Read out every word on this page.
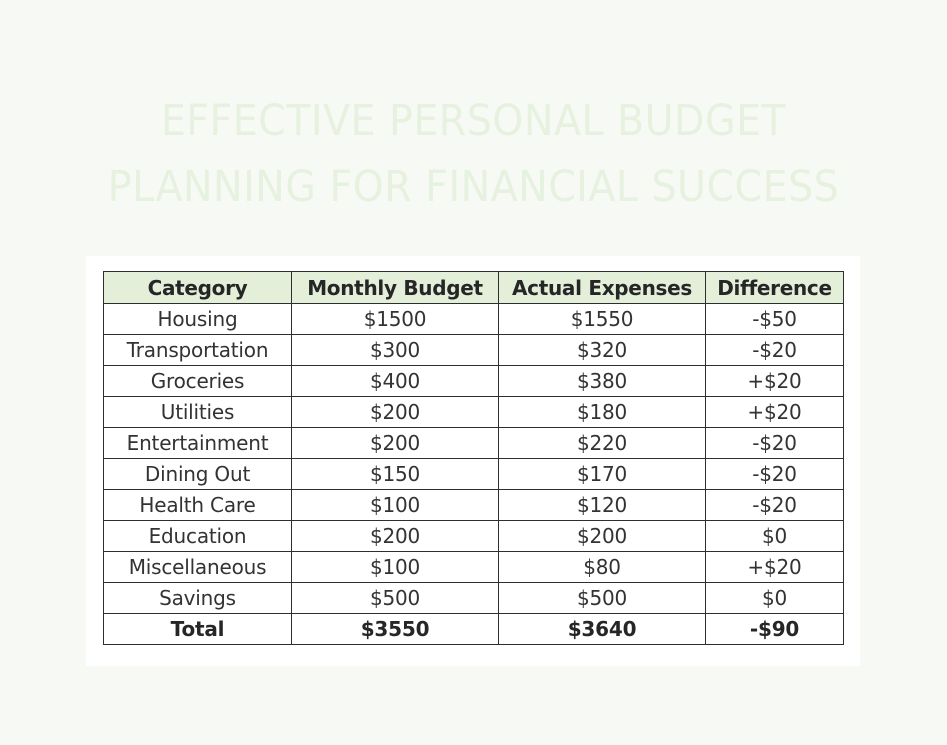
EFFECTIVE PERSONAL BUDGET
PLANNING FOR FINANCIAL SUCCESS
Category	Monthly Budget	Actual Expenses	Difference
Housing	$1500	$1550	-$50
Transportation	$300	$320	-$20
Groceries	$400	$380	+$20
Utilities	$200	$180	+$20
Entertainment	$200	$220	-$20
Dining Out	$150	$170	-$20
Health Care	$100	$120	-$20
Education	$200	$200	$0
Miscellaneous	$100	$80	+$20
Savings	$500	$500	$0
Total	$3550	$3640	-$90
